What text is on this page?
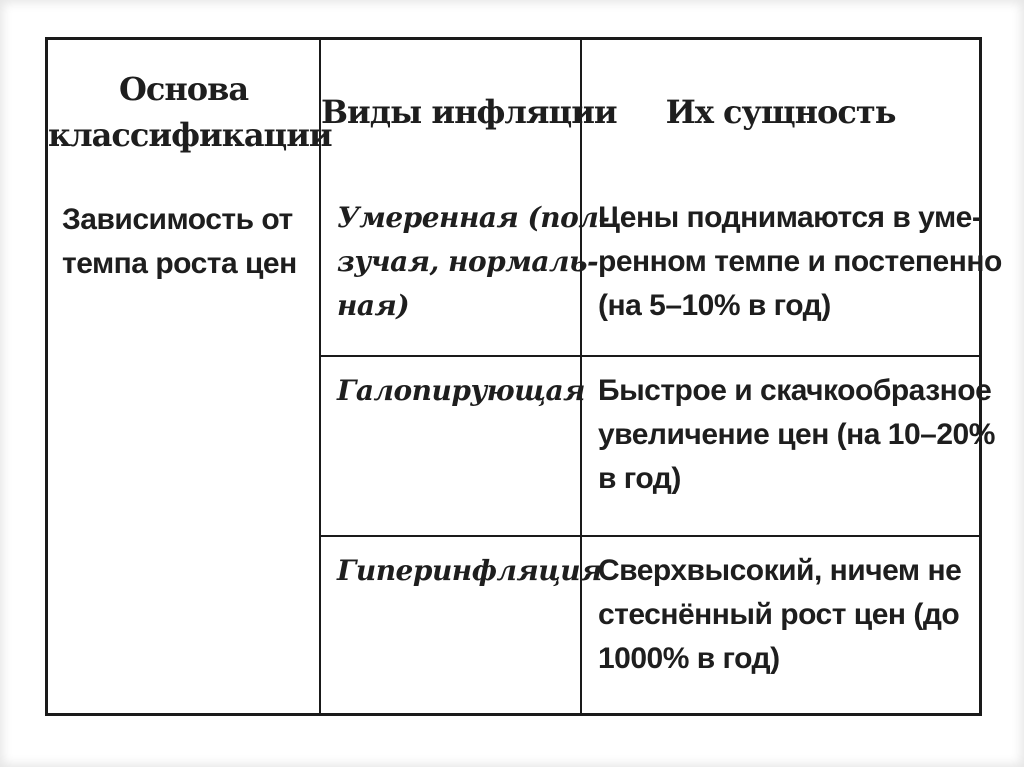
Основа
классификации	Виды инфляции	Их сущность

Зависимость от
темпа роста цен	Умеренная (пол-
зучая, нормаль-
ная)	Цены поднимаются в уме-
ренном темпе и постепенно
(на 5–10% в год)

	Галопирующая	Быстрое и скачкообразное
увеличение цен (на 10–20%
в год)

	Гиперинфляция	Сверхвысокий, ничем не
стеснённый рост цен (до
1000% в год)
